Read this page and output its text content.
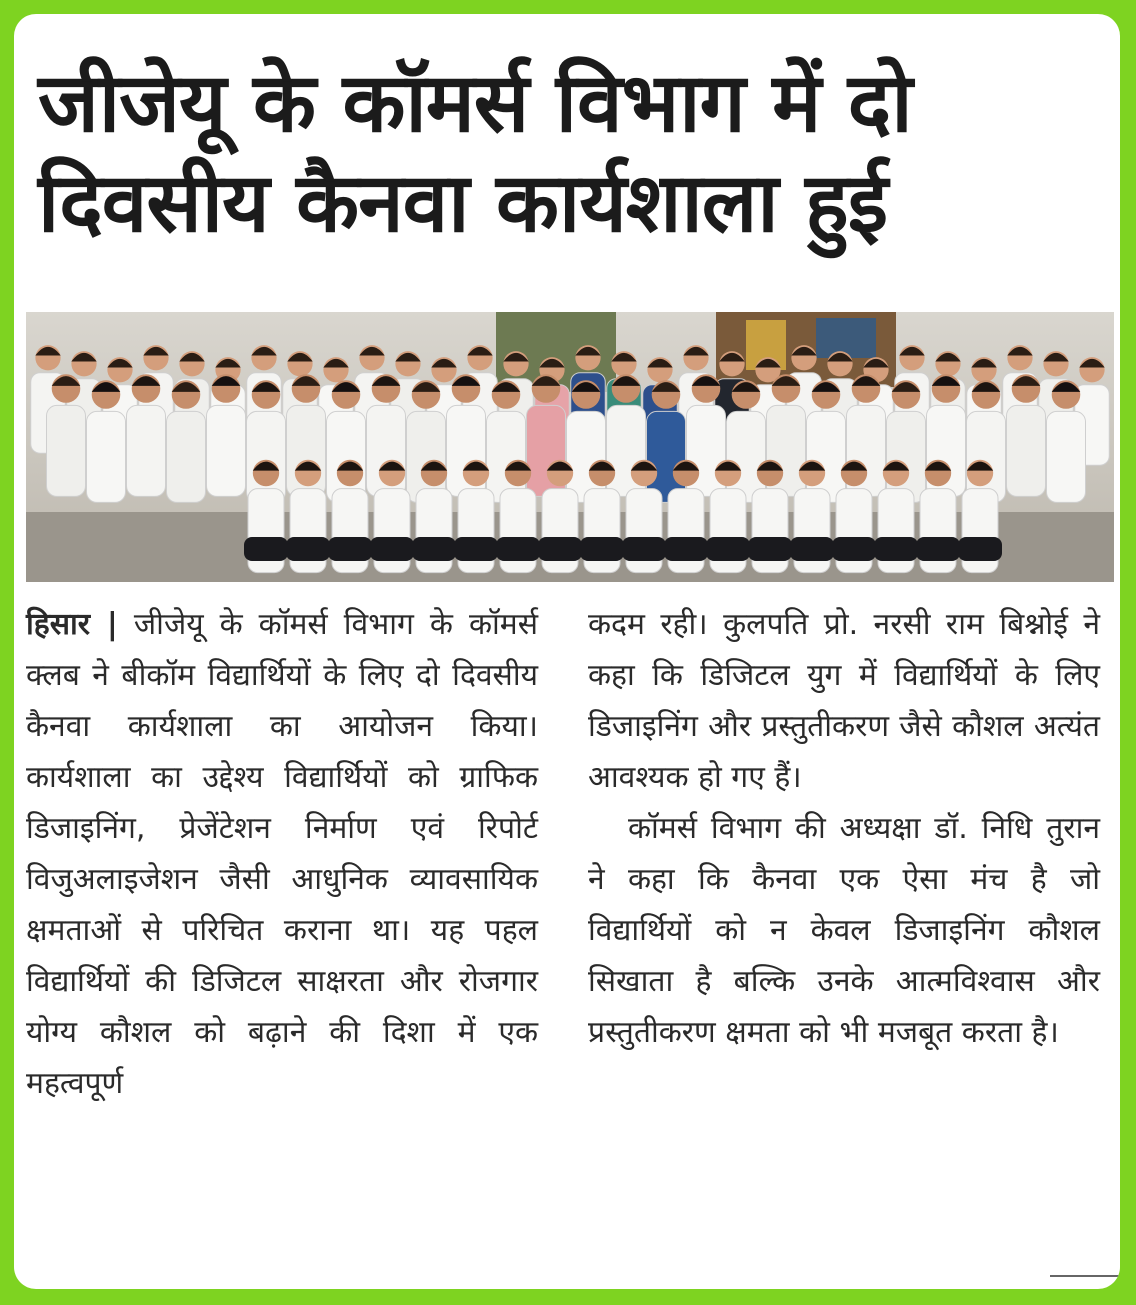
जीजेयू के कॉमर्स विभाग में दो दिवसीय कैनवा कार्यशाला हुई

हिसार | जीजेयू के कॉमर्स विभाग के कॉमर्स क्लब ने बीकॉम विद्यार्थियों के लिए दो दिवसीय कैनवा कार्यशाला का आयोजन किया। कार्यशाला का उद्देश्य विद्यार्थियों को ग्राफिक डिजाइनिंग, प्रेजेंटेशन निर्माण एवं रिपोर्ट विजुअलाइजेशन जैसी आधुनिक व्यावसायिक क्षमताओं से परिचित कराना था। यह पहल विद्यार्थियों की डिजिटल साक्षरता और रोजगार योग्य कौशल को बढ़ाने की दिशा में एक महत्वपूर्ण

कदम रही। कुलपति प्रो. नरसी राम बिश्नोई ने कहा कि डिजिटल युग में विद्यार्थियों के लिए डिजाइनिंग और प्रस्तुतीकरण जैसे कौशल अत्यंत आवश्यक हो गए हैं।

कॉमर्स विभाग की अध्यक्षा डॉ. निधि तुरान ने कहा कि कैनवा एक ऐसा मंच है जो विद्यार्थियों को न केवल डिजाइनिंग कौशल सिखाता है बल्कि उनके आत्मविश्वास और प्रस्तुतीकरण क्षमता को भी मजबूत करता है।
